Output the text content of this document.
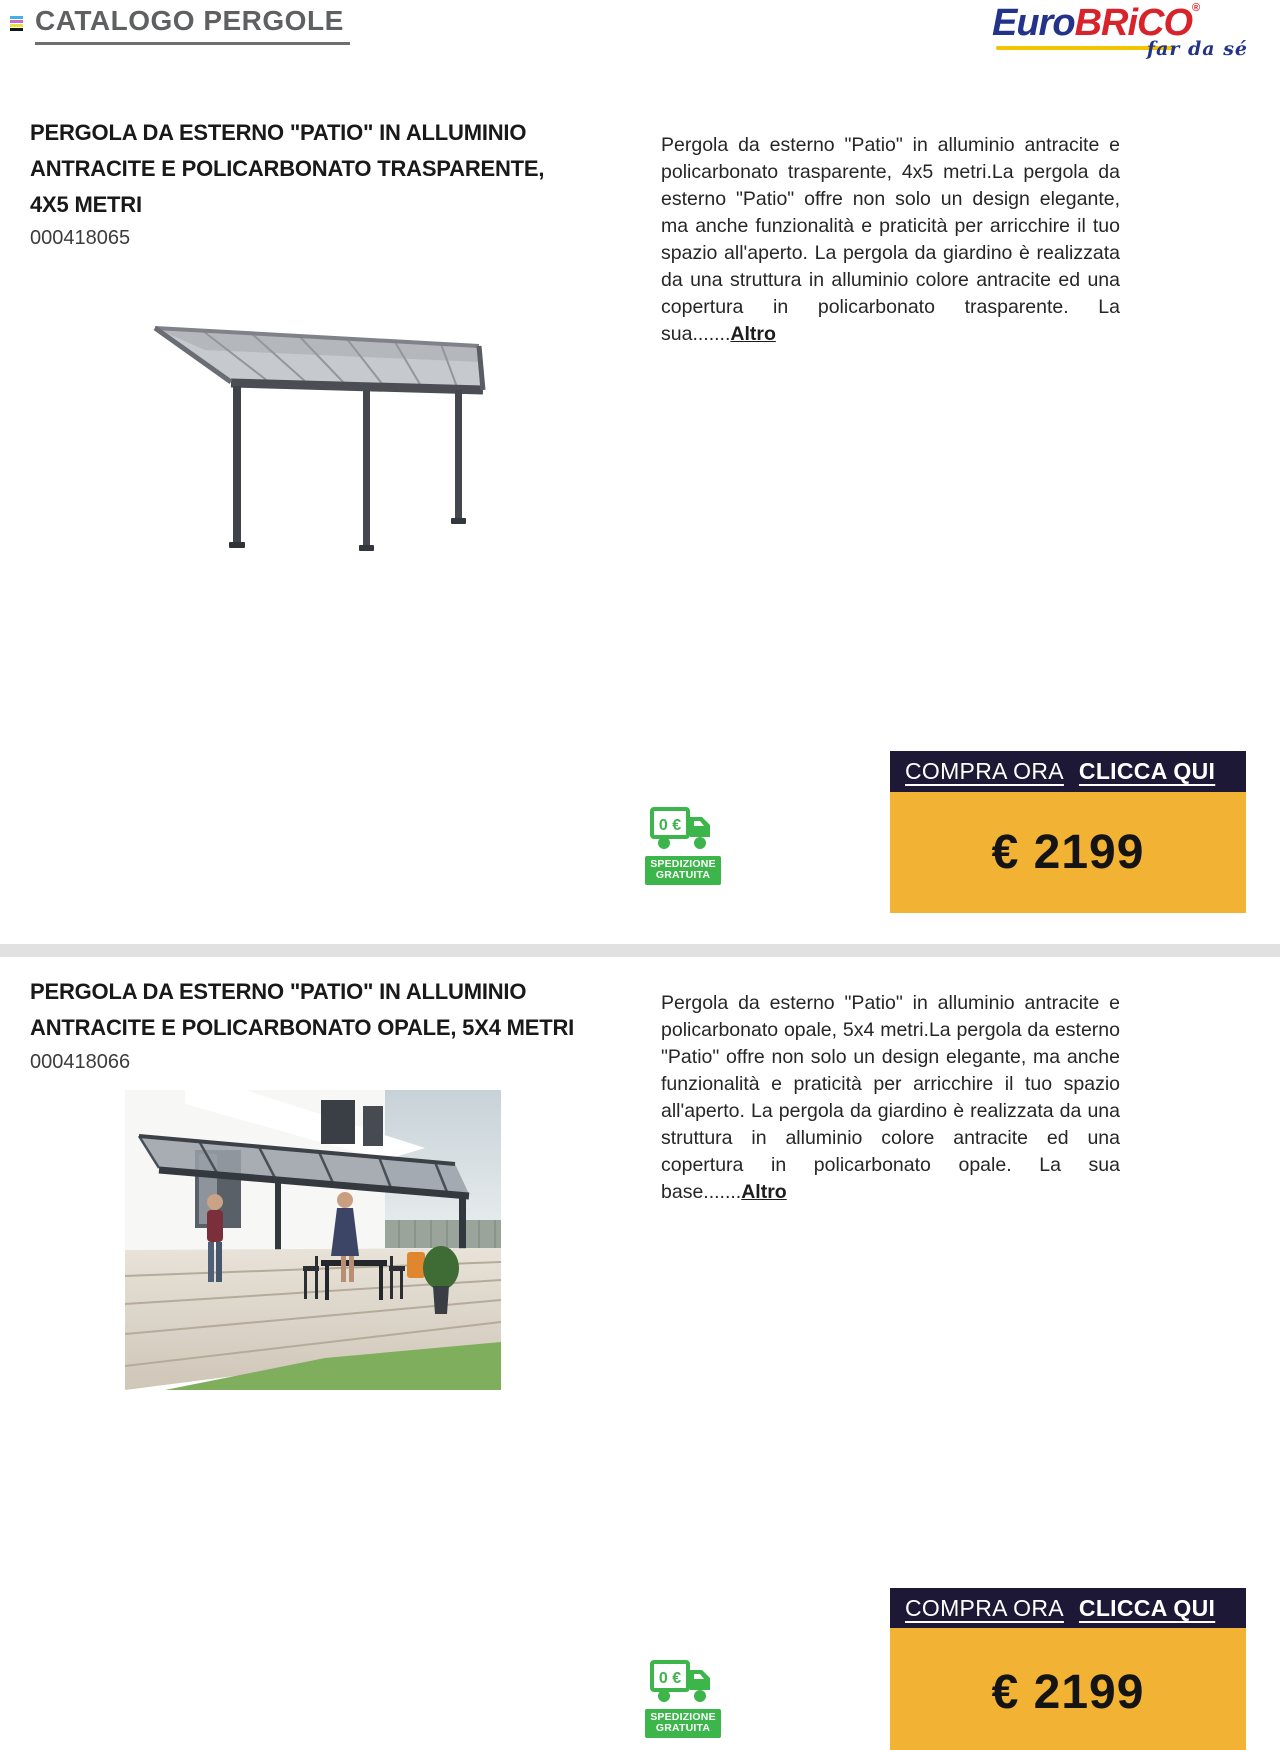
CATALOGO PERGOLE	EuroBRiCO®
far da sé
PERGOLA DA ESTERNO "PATIO" IN ALLUMINIO ANTRACITE E POLICARBONATO TRASPARENTE, 4X5 METRI
000418065

Pergola da esterno "Patio" in alluminio antracite e policarbonato trasparente, 4x5 metri.La pergola da esterno "Patio" offre non solo un design elegante, ma anche funzionalità e praticità per arricchire il tuo spazio all'aperto. La pergola da giardino è realizzata da una struttura in alluminio colore antracite ed una copertura in policarbonato trasparente. La sua.......Altro

COMPRA ORA CLICCA QUI
€ 2199
0 €
SPEDIZIONE
GRATUITA
PERGOLA DA ESTERNO "PATIO" IN ALLUMINIO ANTRACITE E POLICARBONATO OPALE, 5X4 METRI
000418066

Pergola da esterno "Patio" in alluminio antracite e policarbonato opale, 5x4 metri.La pergola da esterno "Patio" offre non solo un design elegante, ma anche funzionalità e praticità per arricchire il tuo spazio all'aperto. La pergola da giardino è realizzata da una struttura in alluminio colore antracite ed una copertura in policarbonato opale. La sua base.......Altro

COMPRA ORA CLICCA QUI
€ 2199
0 €
SPEDIZIONE
GRATUITA
